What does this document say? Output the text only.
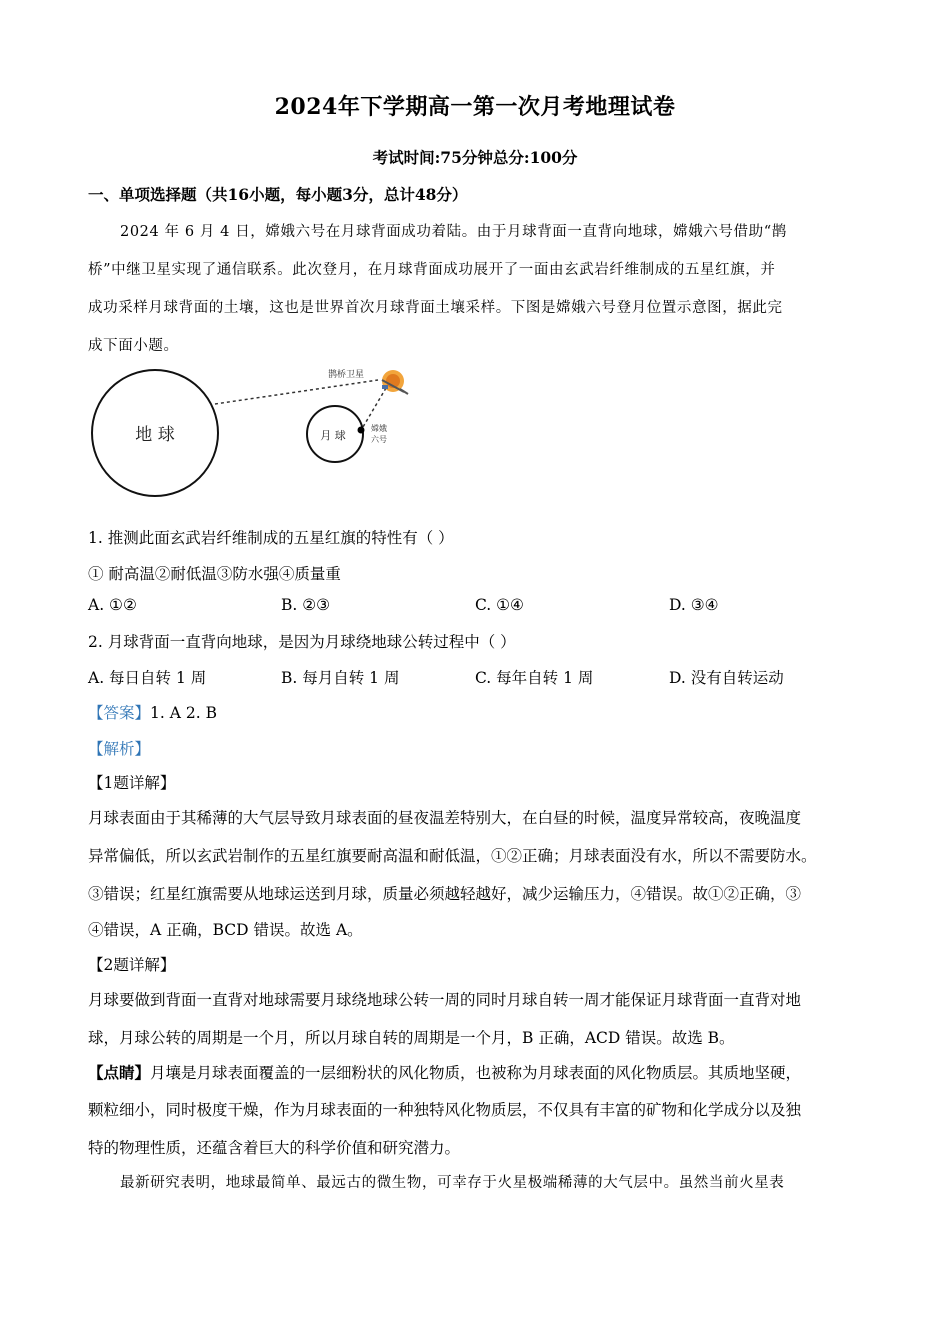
2024年下学期高一第一次月考地理试卷
考试时间:75分钟总分:100分
一、单项选择题（共16小题，每小题3分，总计48分）
2024 年 6 月 4 日，嫦娥六号在月球背面成功着陆。由于月球背面一直背向地球，嫦娥六号借助“鹊
桥”中继卫星实现了通信联系。此次登月，在月球背面成功展开了一面由玄武岩纤维制成的五星红旗，并
成功采样月球背面的土壤，这也是世界首次月球背面土壤采样。下图是嫦娥六号登月位置示意图，据此完
成下面小题。
地 球	月 球
鹊桥卫星
嫦娥
六号
1. 推测此面玄武岩纤维制成的五星红旗的特性有（ ）
① 耐高温②耐低温③防水强④质量重
A. ①②	B. ②③	C. ①④	D. ③④
2. 月球背面一直背向地球，是因为月球绕地球公转过程中（ ）
A. 每日自转 1 周	B. 每月自转 1 周	C. 每年自转 1 周	D. 没有自转运动
【答案】1. A 2. B
【解析】
【1题详解】
月球表面由于其稀薄的大气层导致月球表面的昼夜温差特别大，在白昼的时候，温度异常较高，夜晚温度
异常偏低，所以玄武岩制作的五星红旗要耐高温和耐低温，①②正确；月球表面没有水，所以不需要防水。
③错误；红星红旗需要从地球运送到月球，质量必须越轻越好，减少运输压力，④错误。故①②正确，③
④错误，A 正确，BCD 错误。故选 A。
【2题详解】
月球要做到背面一直背对地球需要月球绕地球公转一周的同时月球自转一周才能保证月球背面一直背对地
球，月球公转的周期是一个月，所以月球自转的周期是一个月，B 正确，ACD 错误。故选 B。
【点睛】月壤是月球表面覆盖的一层细粉状的风化物质，也被称为月球表面的风化物质层。其质地坚硬，
颗粒细小，同时极度干燥，作为月球表面的一种独特风化物质层，不仅具有丰富的矿物和化学成分以及独
特的物理性质，还蕴含着巨大的科学价值和研究潜力。
最新研究表明，地球最简单、最远古的微生物，可幸存于火星极端稀薄的大气层中。虽然当前火星表
